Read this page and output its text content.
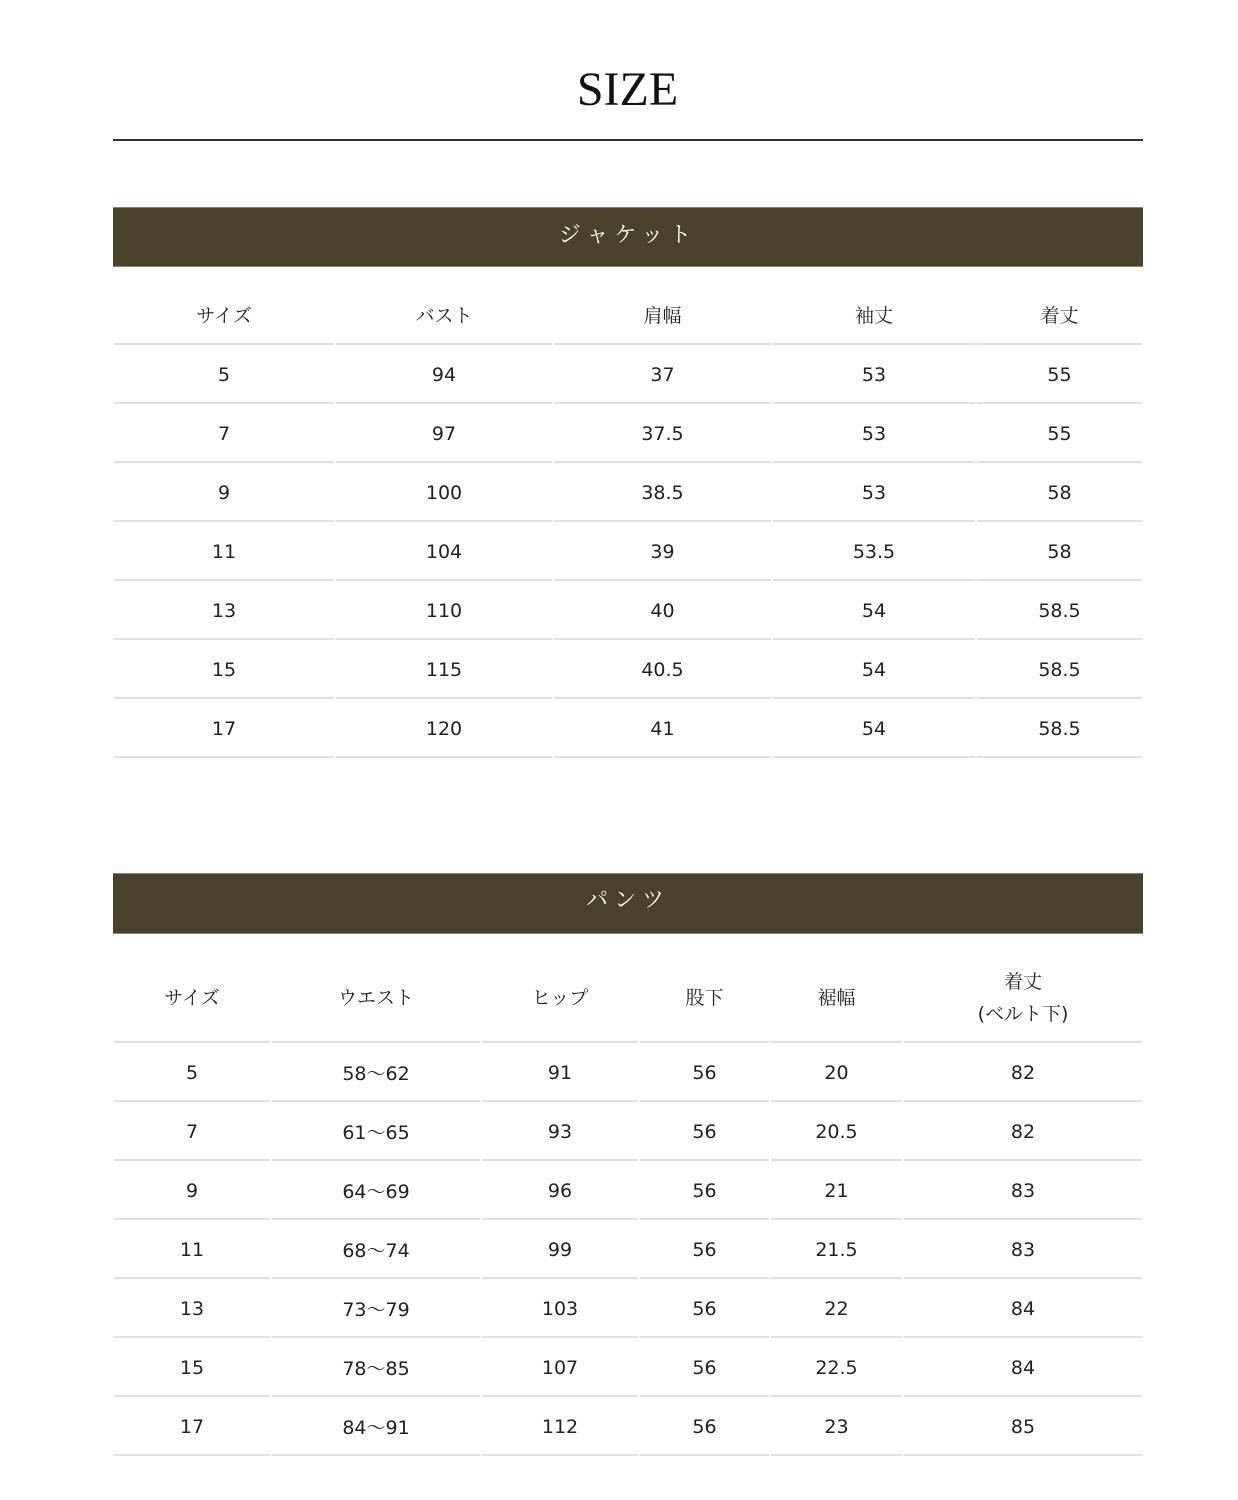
SIZE
ジャケット
サイズ	バスト	肩幅	袖丈	着丈
5	94	37	53	55
7	97	37.5	53	55
9	100	38.5	53	58
11	104	39	53.5	58
13	110	40	54	58.5
15	115	40.5	54	58.5
17	120	41	54	58.5
パンツ
サイズ	ウエスト	ヒップ	股下	裾幅	着丈
(ベルト下)

5	58〜62	91	56	20	82
7	61〜65	93	56	20.5	82
9	64〜69	96	56	21	83
11	68〜74	99	56	21.5	83
13	73〜79	103	56	22	84
15	78〜85	107	56	22.5	84
17	84〜91	112	56	23	85
